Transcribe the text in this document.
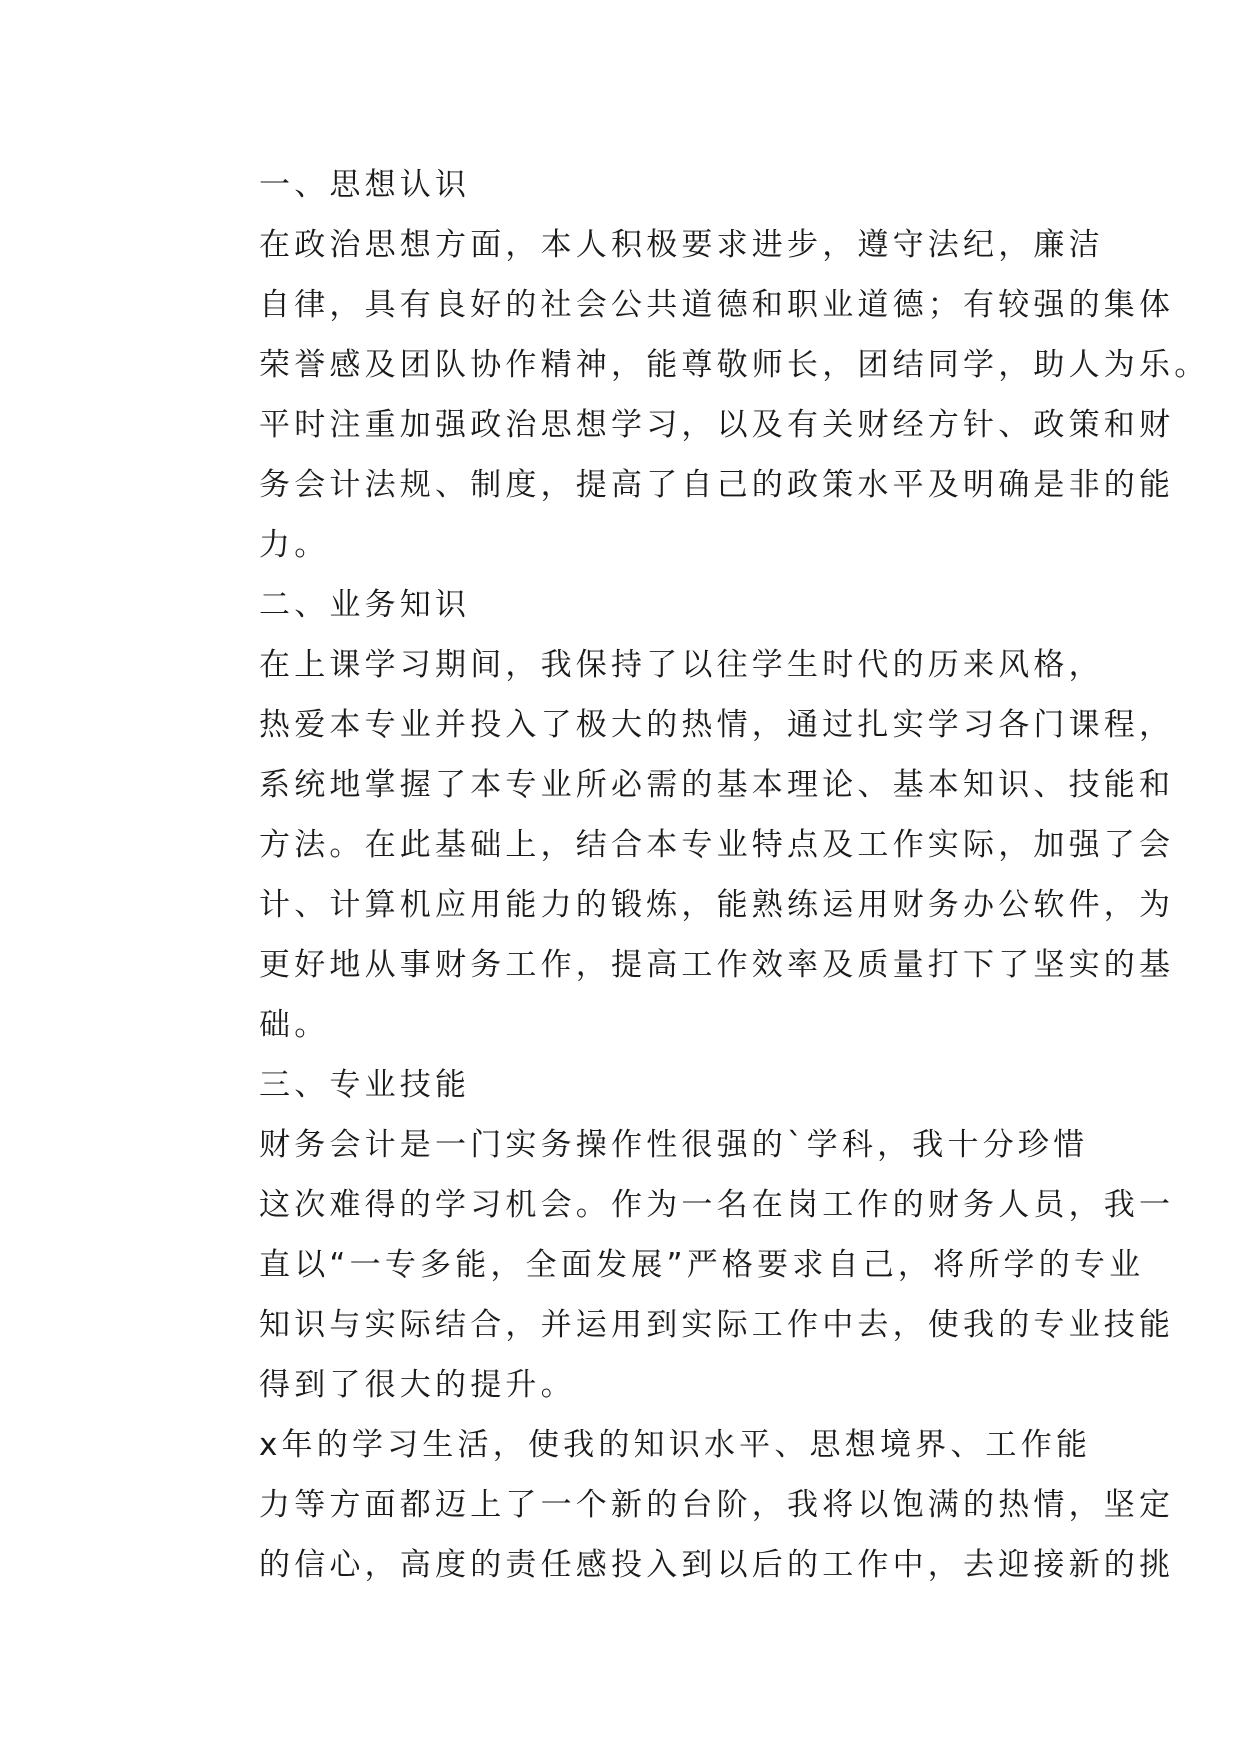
一、思想认识

在政治思想方面，本人积极要求进步，遵守法纪，廉洁
自律，具有良好的社会公共道德和职业道德；有较强的集体
荣誉感及团队协作精神，能尊敬师长，团结同学，助人为乐。
平时注重加强政治思想学习，以及有关财经方针、政策和财
务会计法规、制度，提高了自己的政策水平及明确是非的能
力。

二、业务知识

在上课学习期间，我保持了以往学生时代的历来风格，
热爱本专业并投入了极大的热情，通过扎实学习各门课程，
系统地掌握了本专业所必需的基本理论、基本知识、技能和
方法。在此基础上，结合本专业特点及工作实际，加强了会
计、计算机应用能力的锻炼，能熟练运用财务办公软件，为
更好地从事财务工作，提高工作效率及质量打下了坚实的基
础。

三、专业技能

财务会计是一门实务操作性很强的`学科，我十分珍惜
这次难得的学习机会。作为一名在岗工作的财务人员，我一
直以“一专多能，全面发展”严格要求自己，将所学的专业
知识与实际结合，并运用到实际工作中去，使我的专业技能
得到了很大的提升。

x年的学习生活，使我的知识水平、思想境界、工作能
力等方面都迈上了一个新的台阶，我将以饱满的热情，坚定
的信心，高度的责任感投入到以后的工作中，去迎接新的挑
